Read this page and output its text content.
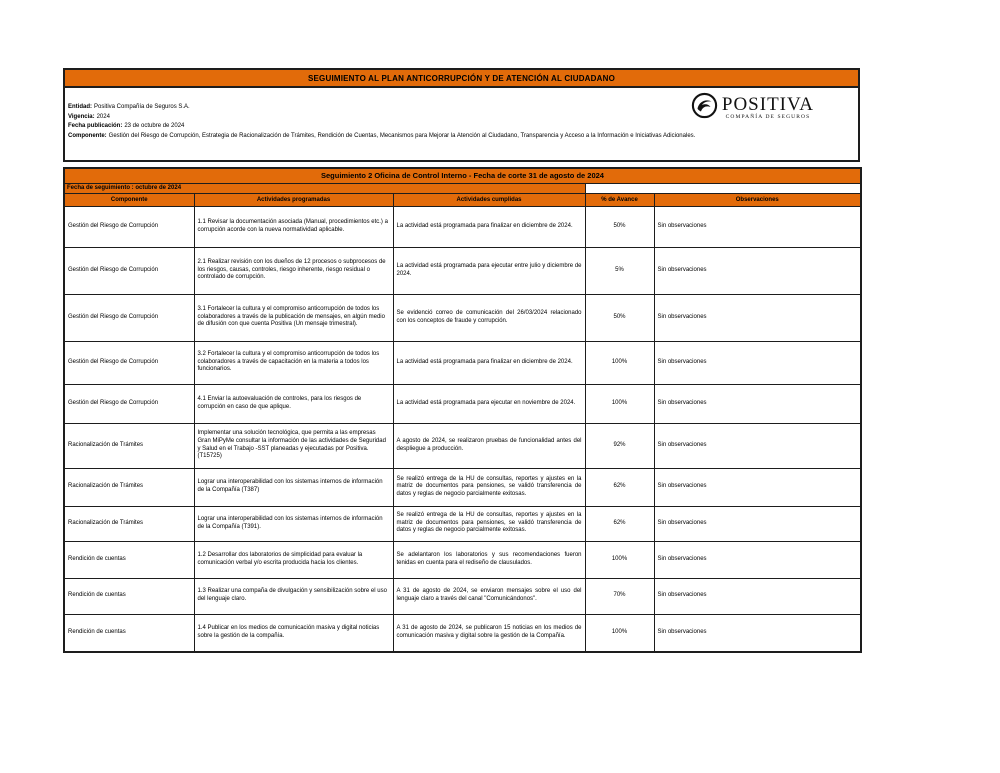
SEGUIMIENTO AL PLAN ANTICORRUPCIÓN Y DE ATENCIÓN AL CIUDADANO
Entidad: Positiva Compañía de Seguros S.A.
Vigencia: 2024
Fecha publicación: 23 de octubre de 2024
Componente: Gestión del Riesgo de Corrupción, Estrategia de Racionalización de Trámites, Rendición de Cuentas, Mecanismos para Mejorar la Atención al Ciudadano, Transparencia y Acceso a la Información e Iniciativas Adicionales.
POSITIVA
COMPAÑÍA DE SEGUROS
Seguimiento 2 Oficina de Control Interno - Fecha de corte 31 de agosto de 2024				
Fecha de seguimiento : octubre de 2024				
Componente	Actividades programadas	Actividades cumplidas	% de Avance	Observaciones
Gestión del Riesgo de Corrupción	1.1 Revisar la documentación asociada (Manual, procedimientos etc.) a corrupción acorde con la nueva normatividad aplicable.	La actividad está programada para finalizar en diciembre de 2024.	50%	Sin observaciones
Gestión del Riesgo de Corrupción	2.1 Realizar revisión con los dueños de 12 procesos o subprocesos de los riesgos, causas, controles, riesgo inherente, riesgo residual o controlado de corrupción.	La actividad está programada para ejecutar entre julio y diciembre de 2024.	5%	Sin observaciones
Gestión del Riesgo de Corrupción	3.1 Fortalecer la cultura y el compromiso anticorrupción de todos los colaboradores a través de la publicación de mensajes, en algún medio de difusión con que cuenta Positiva (Un mensaje trimestral).	Se evidenció correo de comunicación del 26/03/2024 relacionado con los conceptos de fraude y corrupción.	50%	Sin observaciones
Gestión del Riesgo de Corrupción	3.2 Fortalecer la cultura y el compromiso anticorrupción de todos los colaboradores a través de capacitación en la materia a todos los funcionarios.	La actividad está programada para finalizar en diciembre de 2024.	100%	Sin observaciones
Gestión del Riesgo de Corrupción	4.1 Enviar la autoevaluación de controles, para los riesgos de corrupción en caso de que aplique.	La actividad está programada para ejecutar en noviembre de 2024.	100%	Sin observaciones
Racionalización de Trámites	Implementar una solución tecnológica, que permita a las empresas Gran MiPyMe consultar la información de las actividades de Seguridad y Salud en el Trabajo -SST planeadas y ejecutadas por Positiva.(T15725)	A agosto de 2024, se realizaron pruebas de funcionalidad antes del despliegue a producción.	92%	Sin observaciones
Racionalización de Trámites	Lograr una interoperabilidad con los sistemas internos de información de la Compañía (T387)	Se realizó entrega de la HU de consultas, reportes y ajustes en la matriz de documentos para pensiones, se validó transferencia de datos y reglas de negocio parcialmente exitosas.	62%	Sin observaciones
Racionalización de Trámites	Lograr una interoperabilidad con los sistemas internos de información de la Compañía (T391).	Se realizó entrega de la HU de consultas, reportes y ajustes en la matriz de documentos para pensiones, se validó transferencia de datos y reglas de negocio parcialmente exitosas.	62%	Sin observaciones
Rendición de cuentas	1.2 Desarrollar dos laboratorios de simplicidad para evaluar la comunicación verbal y/o escrita producida hacia los clientes.	Se adelantaron los laboratorios y sus recomendaciones fueron tenidas en cuenta para el rediseño de clausulados.	100%	Sin observaciones
Rendición de cuentas	1.3 Realizar una compaña de divulgación y sensibilización sobre el uso del lenguaje claro.	A 31 de agosto de 2024, se enviaron mensajes sobre el uso del lenguaje claro a través del canal "Comunicándonos".	70%	Sin observaciones
Rendición de cuentas	1.4 Publicar en los medios de comunicación masiva y digital noticias sobre la gestión de la compañía.	A 31 de agosto de 2024, se publicaron 15 noticias en los medios de comunicación masiva y digital sobre la gestión de la Compañía.	100%	Sin observaciones
